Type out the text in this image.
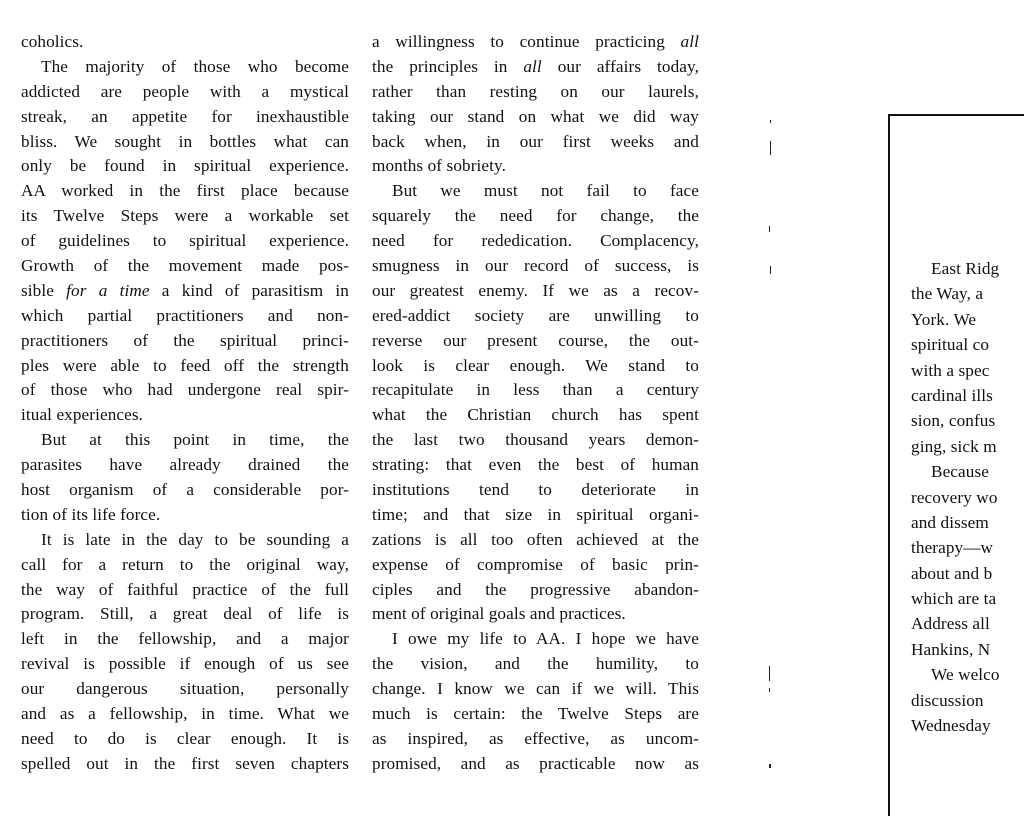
coholics.
The majority of those who become
addicted are people with a mystical
streak, an appetite for inexhaustible
bliss. We sought in bottles what can
only be found in spiritual experience.
AA worked in the first place because
its Twelve Steps were a workable set
of guidelines to spiritual experience.
Growth of the movement made pos-
sible for a time a kind of parasitism in
which partial practitioners and non-
practitioners of the spiritual princi-
ples were able to feed off the strength
of those who had undergone real spir-
itual experiences.
But at this point in time, the
parasites have already drained the
host organism of a considerable por-
tion of its life force.
It is late in the day to be sounding a
call for a return to the original way,
the way of faithful practice of the full
program. Still, a great deal of life is
left in the fellowship, and a major
revival is possible if enough of us see
our dangerous situation, personally
and as a fellowship, in time. What we
need to do is clear enough. It is
spelled out in the first seven chapters
a willingness to continue practicing all
the principles in all our affairs today,
rather than resting on our laurels,
taking our stand on what we did way
back when, in our first weeks and
months of sobriety.
But we must not fail to face
squarely the need for change, the
need for rededication. Complacency,
smugness in our record of success, is
our greatest enemy. If we as a recov-
ered-addict society are unwilling to
reverse our present course, the out-
look is clear enough. We stand to
recapitulate in less than a century
what the Christian church has spent
the last two thousand years demon-
strating: that even the best of human
institutions tend to deteriorate in
time; and that size in spiritual organi-
zations is all too often achieved at the
expense of compromise of basic prin-
ciples and the progressive abandon-
ment of original goals and practices.
I owe my life to AA. I hope we have
the vision, and the humility, to
change. I know we can if we will. This
much is certain: the Twelve Steps are
as inspired, as effective, as uncom-
promised, and as practicable now as
East Ridg
the Way, a
York. We
spiritual co
with a spec
cardinal ills
sion, confus
ging, sick m
Because
recovery wo
and dissem
therapy—w
about and b
which are ta
Address all
Hankins, N
We welco
discussion
Wednesday
